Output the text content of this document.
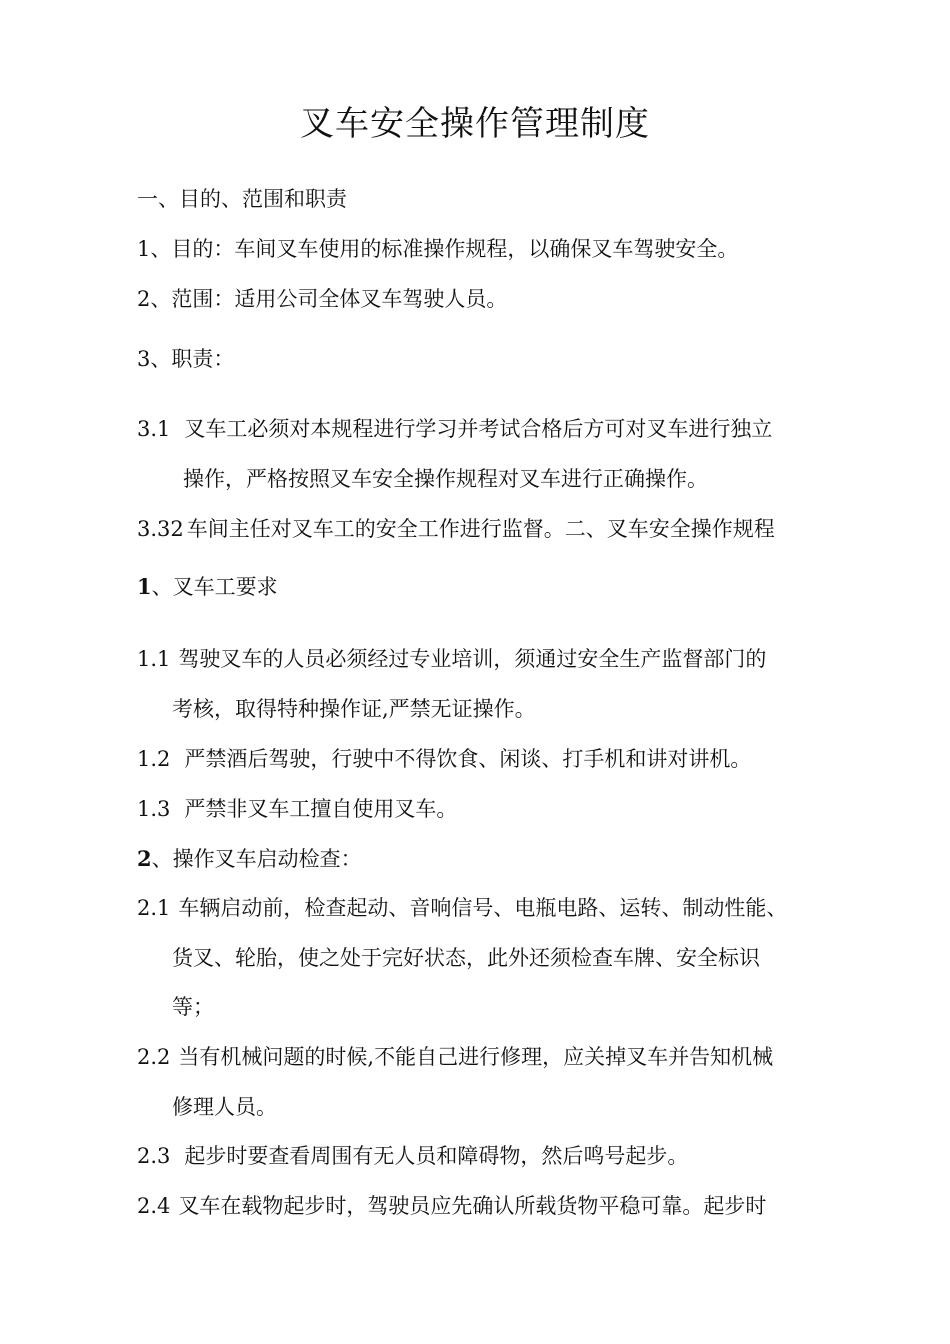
叉车安全操作管理制度
一、目的、范围和职责
1、目的：车间叉车使用的标准操作规程，以确保叉车驾驶安全。
2、范围：适用公司全体叉车驾驶人员。
3、职责：
3.1 叉车工必须对本规程进行学习并考试合格后方可对叉车进行独立
操作，严格按照叉车安全操作规程对叉车进行正确操作。
3.32 车间主任对叉车工的安全工作进行监督。二、叉车安全操作规程
1、叉车工要求
1.1 驾驶叉车的人员必须经过专业培训，须通过安全生产监督部门的
考核，取得特种操作证,严禁无证操作。
1.2 严禁酒后驾驶，行驶中不得饮食、闲谈、打手机和讲对讲机。
1.3 严禁非叉车工擅自使用叉车。
2、操作叉车启动检查：
2.1 车辆启动前，检查起动、音响信号、电瓶电路、运转、制动性能、
货叉、轮胎，使之处于完好状态，此外还须检查车牌、安全标识
等；
2.2 当有机械问题的时候,不能自己进行修理，应关掉叉车并告知机械
修理人员。
2.3 起步时要查看周围有无人员和障碍物，然后鸣号起步。
2.4 叉车在载物起步时，驾驶员应先确认所载货物平稳可靠。起步时
